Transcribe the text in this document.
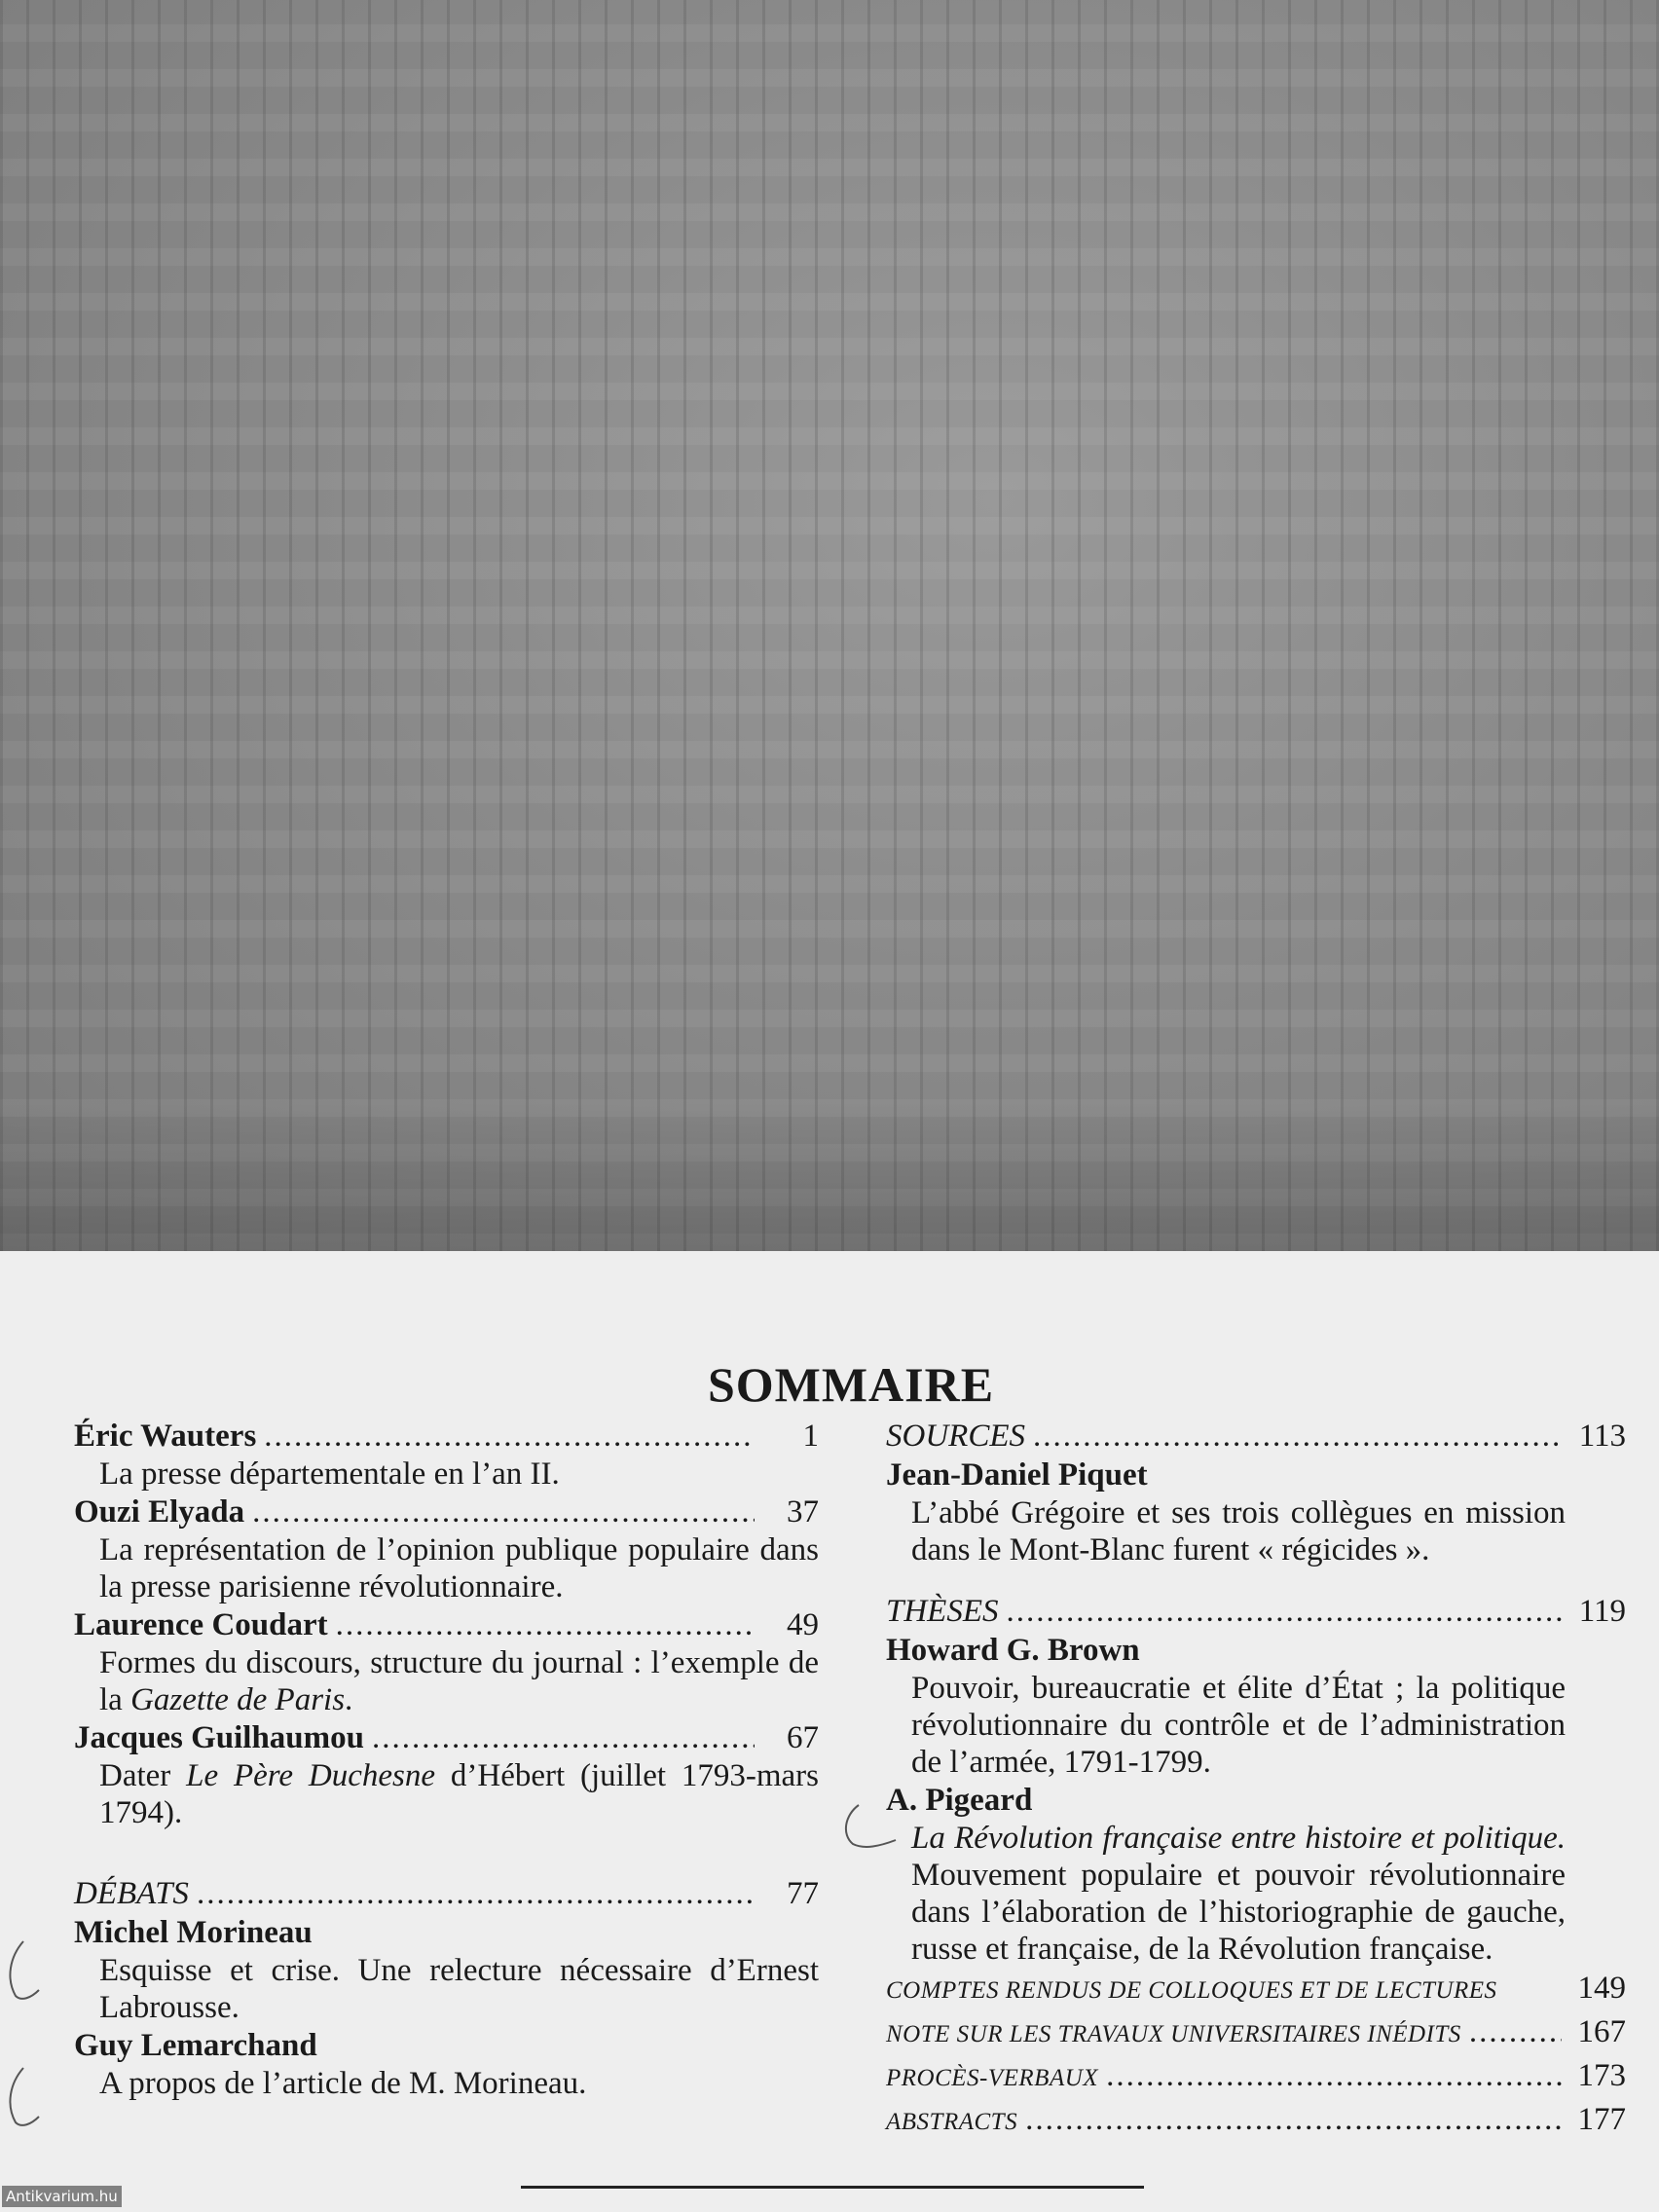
SOMMAIRE
Éric Wauters .....	1
La presse départementale en l’an II.
Ouzi Elyada .....	37
La représentation de l’opinion publique populaire dans la presse parisienne révolutionnaire.
Laurence Coudart .....	49
Formes du discours, structure du journal : l’exemple de la Gazette de Paris.
Jacques Guilhaumou .....	67
Dater Le Père Duchesne d’Hébert (juillet 1793-mars 1794).
DÉBATS .....	77
Michel Morineau
Esquisse et crise. Une relecture nécessaire d’Ernest Labrousse.
Guy Lemarchand
A propos de l’article de M. Morineau.
SOURCES .....	113
Jean-Daniel Piquet
L’abbé Grégoire et ses trois collègues en mission dans le Mont-Blanc furent « régicides ».
THÈSES .....	119
Howard G. Brown
Pouvoir, bureaucratie et élite d’État ; la politique révolutionnaire du contrôle et de l’administration de l’armée, 1791-1799.
A. Pigeard
La Révolution française entre histoire et politique. Mouvement populaire et pouvoir révolutionnaire dans l’élaboration de l’historiographie de gauche, russe et française, de la Révolution française.
COMPTES RENDUS DE COLLOQUES ET DE LECTURES	149
NOTE SUR LES TRAVAUX UNIVERSITAIRES INÉDITS .....	167
PROCÈS-VERBAUX .....	173
ABSTRACTS .....	177
Antikvarium.hu
